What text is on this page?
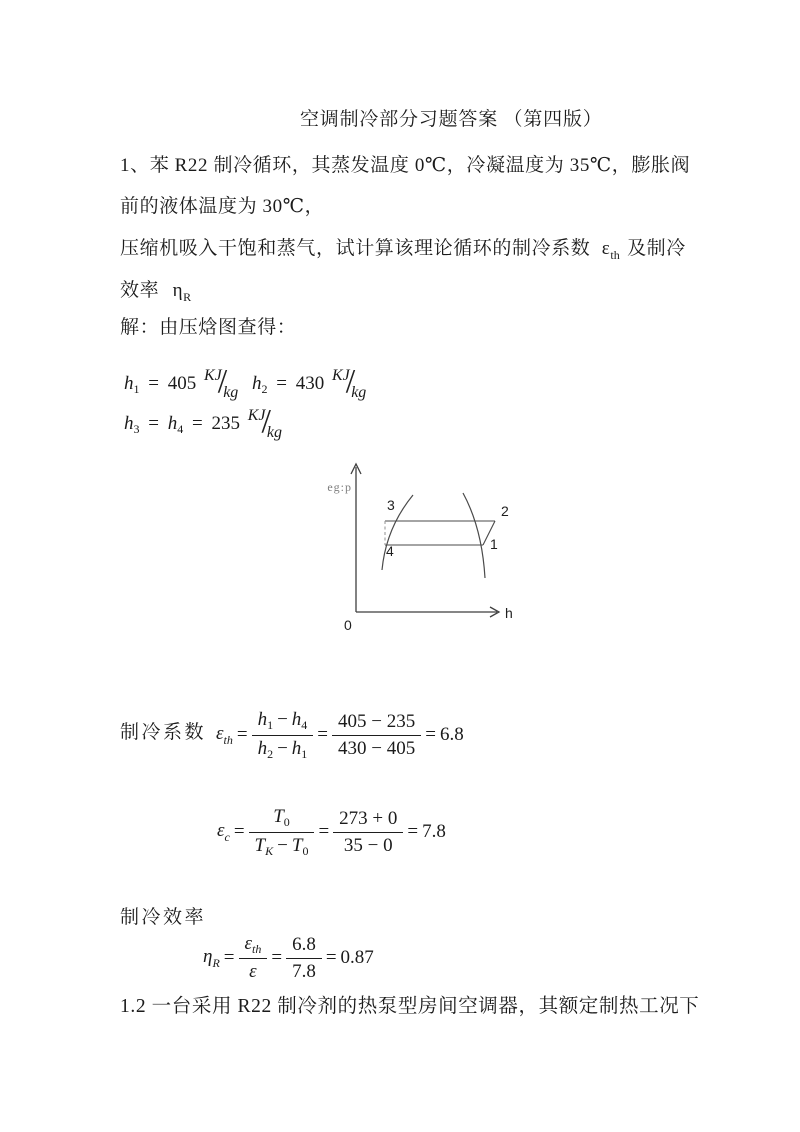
空调制冷部分习题答案 （第四版）
1、苯 R22 制冷循环，其蒸发温度 0℃，冷凝温度为 35℃，膨胀阀
前的液体温度为 30℃，
压缩机吸入干饱和蒸气，试计算该理论循环的制冷系数 $\varepsilon_{th}$ 及制冷
效率 $\eta_R$
解：由压焓图查得：
$h_1 = 405$ $^{KJ}/_{kg}$ $h_2 = 430$ $^{KJ}/_{kg}$
$h_3 = h_4 = 235$ $^{KJ}/_{kg}$
eg:p
h
0
3	2
1
4
制冷系数 $\varepsilon_{th} = \frac{h_1 - h_4}{h_2 - h_1} = \frac{405 - 235}{430 - 405} = 6.8$
$\varepsilon_c = \frac{T_0}{T_K - T_0} = \frac{273 + 0}{35 - 0} = 7.8$
制冷效率
$\eta_R$ =
$\varepsilon_{th}$
ε
= $\frac{6.8}{7.8} = 0.87$
1.2 一台采用 R22 制冷剂的热泵型房间空调器，其额定制热工况下
